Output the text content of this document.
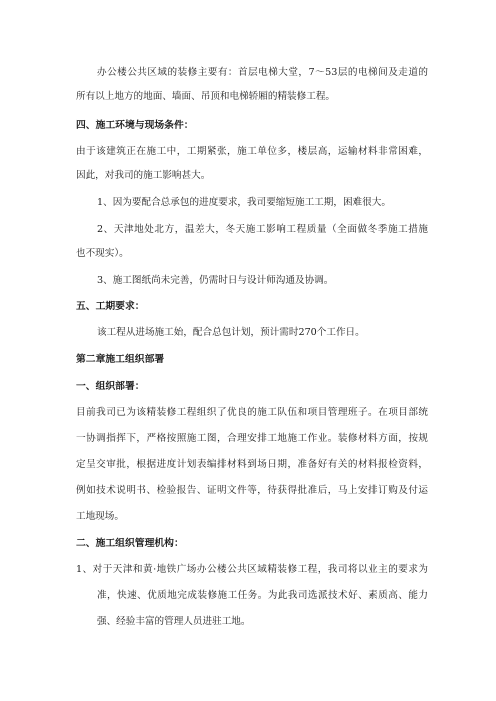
办公楼公共区域的装修主要有：首层电梯大堂，7～53层的电梯间及走道的
所有以上地方的地面、墙面、吊顶和电梯轿厢的精装修工程。
四、施工环境与现场条件：
由于该建筑正在施工中，工期紧张，施工单位多，楼层高，运输材料非常困难，
因此，对我司的施工影响甚大。
1、因为要配合总承包的进度要求，我司要缩短施工工期，困难很大。
2、天津地处北方，温差大，冬天施工影响工程质量（全面做冬季施工措施
也不现实）。
3、施工图纸尚未完善，仍需时日与设计师沟通及协调。
五、工期要求：
该工程从进场施工始，配合总包计划，预计需时270个工作日。
第二章施工组织部署
一、组织部署：
目前我司已为该精装修工程组织了优良的施工队伍和项目管理班子。在项目部统
一协调指挥下，严格按照施工图，合理安排工地施工作业。装修材料方面，按规
定呈交审批，根据进度计划表编排材料到场日期，准备好有关的材料报检资料，
例如技术说明书、检验报告、证明文件等，待获得批准后，马上安排订购及付运
工地现场。
二、施工组织管理机构：
1、对于天津和黄·地铁广场办公楼公共区域精装修工程，我司将以业主的要求为
准，快速、优质地完成装修施工任务。为此我司选派技术好、素质高、能力
强、经验丰富的管理人员进驻工地。
